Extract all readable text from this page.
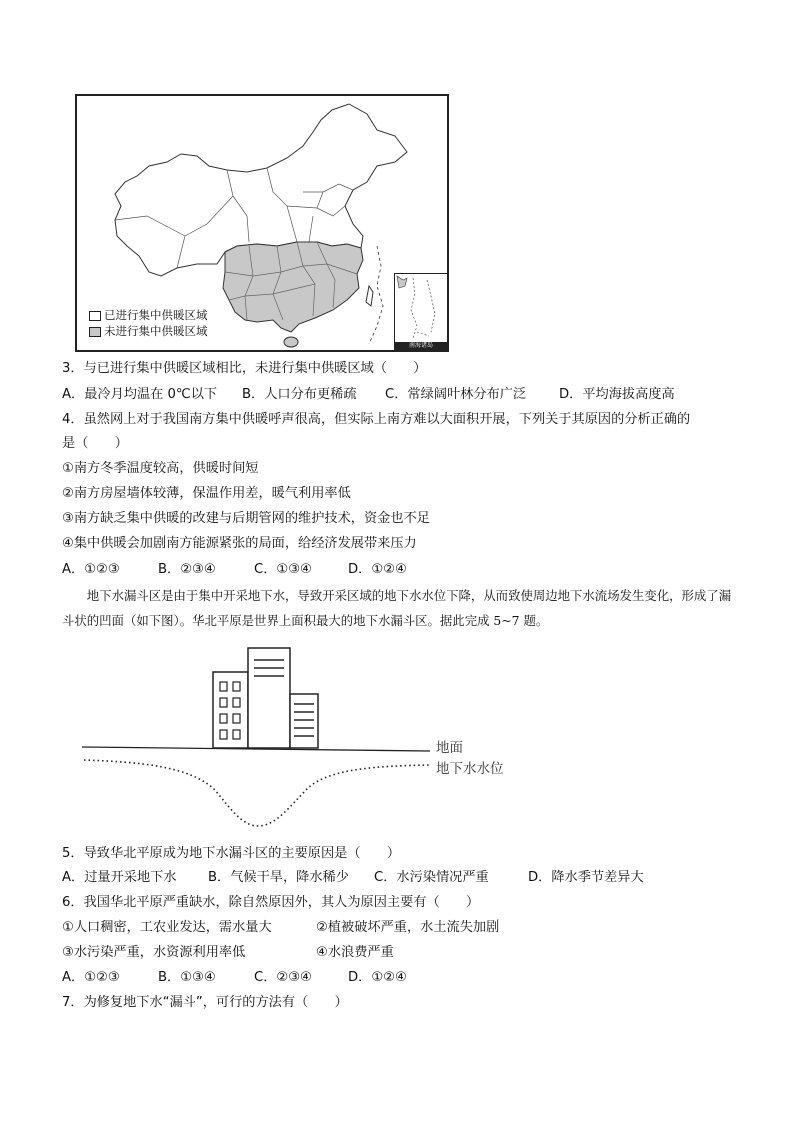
已进行集中供暖区域
未进行集中供暖区域
南海诸岛
3．与已进行集中供暖区域相比，未进行集中供暖区域（　　）
A．最冷月均温在 0℃以下 B．人口分布更稀疏 C．常绿阔叶林分布广泛 D．平均海拔高度高
4．虽然网上对于我国南方集中供暖呼声很高，但实际上南方难以大面积开展，下列关于其原因的分析正确的
是（　　）
①南方冬季温度较高，供暖时间短
②南方房屋墙体较薄，保温作用差，暖气利用率低
③南方缺乏集中供暖的改建与后期管网的维护技术，资金也不足
④集中供暖会加剧南方能源紧张的局面，给经济发展带来压力
A．①②③	B．②③④	C．①③④	D．①②④
地下水漏斗区是由于集中开采地下水，导致开采区域的地下水水位下降，从而致使周边地下水流场发生变化，形成了漏斗状的凹面（如下图）。华北平原是世界上面积最大的地下水漏斗区。据此完成 5~7 题。
地面
地下水水位
5．导致华北平原成为地下水漏斗区的主要原因是（　　）
A．过量开采地下水 B．气候干旱，降水稀少 C．水污染情况严重	D．降水季节差异大
6．我国华北平原严重缺水，除自然原因外，其人为原因主要有（　　）
①人口稠密，工农业发达，需水量大	②植被破坏严重，水土流失加剧
③水污染严重，水资源利用率低	④水浪费严重
A．①②③	B．①③④	C．②③④	D．①②④
7．为修复地下水“漏斗”，可行的方法有（　　）
